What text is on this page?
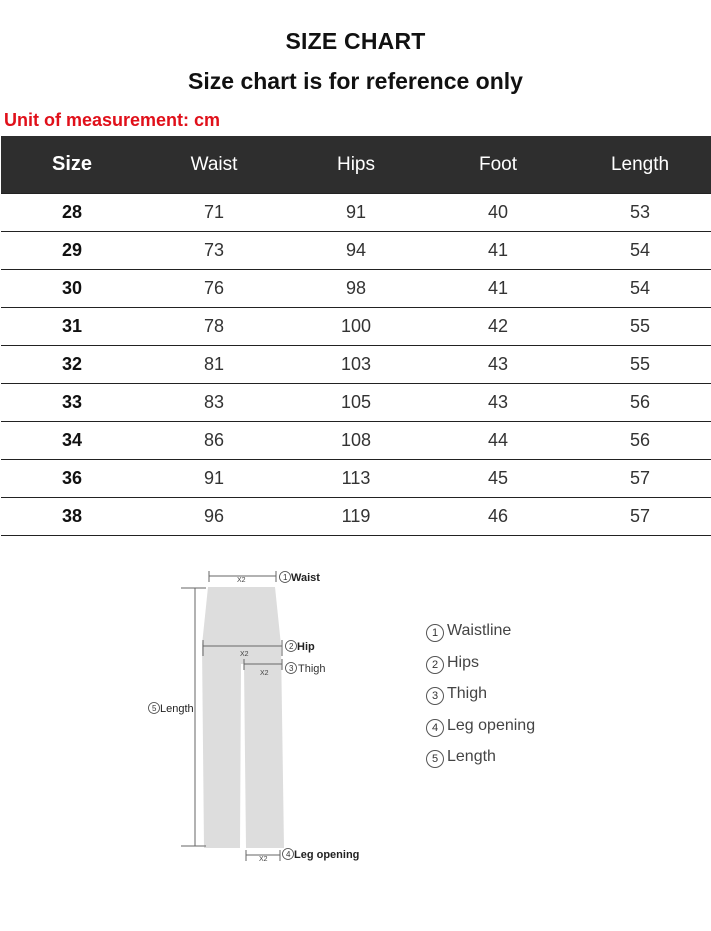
SIZE CHART
Size chart is for reference only
Unit of measurement: cm
Size	Waist	Hips	Foot	Length
28	71	91	40	53
29	73	94	41	54
30	76	98	41	54
31	78	100	42	55
32	81	103	43	55
33	83	105	43	56
34	86	108	44	56
36	91	113	45	57
38	96	119	46	57
X2	1 Waist
X2
2 Hip
X2
3 Thigh
5 Length
X2
4 Leg opening
1 Waistline
2 Hips
3 Thigh
4 Leg opening
5 Length
